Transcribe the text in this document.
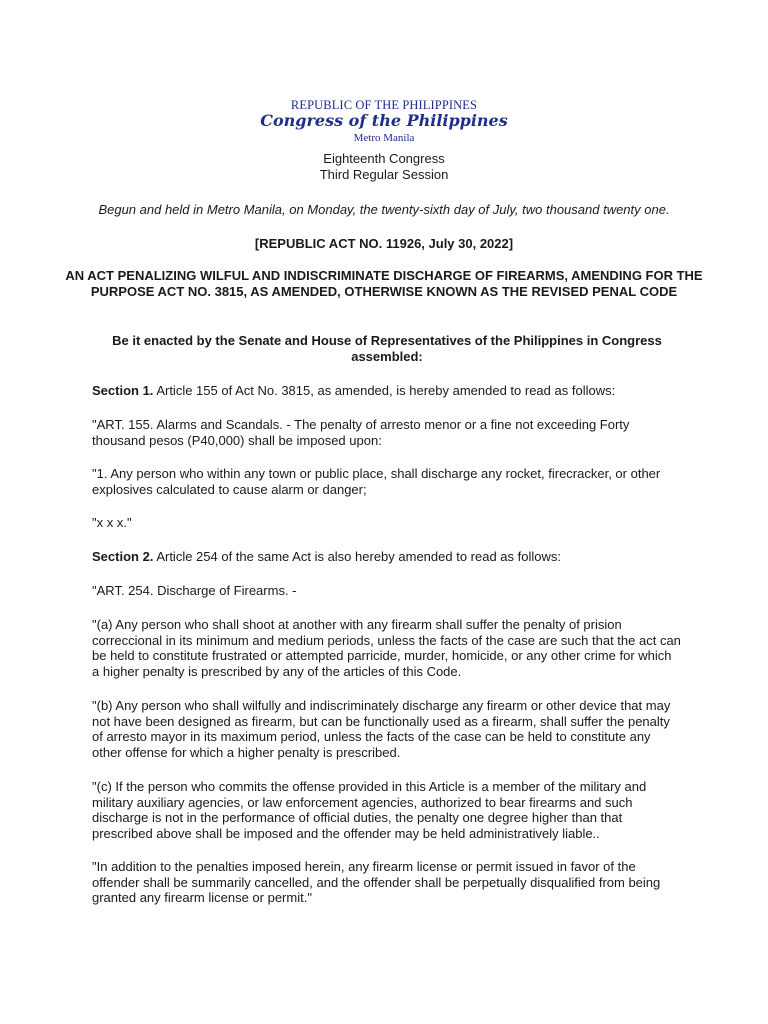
REPUBLIC OF THE PHILIPPINES
Congress of the Philippines
Metro Manila
Eighteenth Congress
Third Regular Session
Begun and held in Metro Manila, on Monday, the twenty-sixth day of July, two thousand twenty one.
[REPUBLIC ACT NO. 11926, July 30, 2022]
AN ACT PENALIZING WILFUL AND INDISCRIMINATE DISCHARGE OF FIREARMS, AMENDING FOR THE PURPOSE ACT NO. 3815, AS AMENDED, OTHERWISE KNOWN AS THE REVISED PENAL CODE
Be it enacted by the Senate and House of Representatives of the Philippines in Congress assembled:
Section 1. Article 155 of Act No. 3815, as amended, is hereby amended to read as follows:
"ART. 155. Alarms and Scandals. - The penalty of arresto menor or a fine not exceeding Forty thousand pesos (P40,000) shall be imposed upon:
"1. Any person who within any town or public place, shall discharge any rocket, firecracker, or other explosives calculated to cause alarm or danger;
"x x x."
Section 2. Article 254 of the same Act is also hereby amended to read as follows:
"ART. 254. Discharge of Firearms. -
"(a) Any person who shall shoot at another with any firearm shall suffer the penalty of prision correccional in its minimum and medium periods, unless the facts of the case are such that the act can be held to constitute frustrated or attempted parricide, murder, homicide, or any other crime for which a higher penalty is prescribed by any of the articles of this Code.
"(b) Any person who shall wilfully and indiscriminately discharge any firearm or other device that may not have been designed as firearm, but can be functionally used as a firearm, shall suffer the penalty of arresto mayor in its maximum period, unless the facts of the case can be held to constitute any other offense for which a higher penalty is prescribed.
"(c) If the person who commits the offense provided in this Article is a member of the military and military auxiliary agencies, or law enforcement agencies, authorized to bear firearms and such discharge is not in the performance of official duties, the penalty one degree higher than that prescribed above shall be imposed and the offender may be held administratively liable..
"In addition to the penalties imposed herein, any firearm license or permit issued in favor of the offender shall be summarily cancelled, and the offender shall be perpetually disqualified from being granted any firearm license or permit."
